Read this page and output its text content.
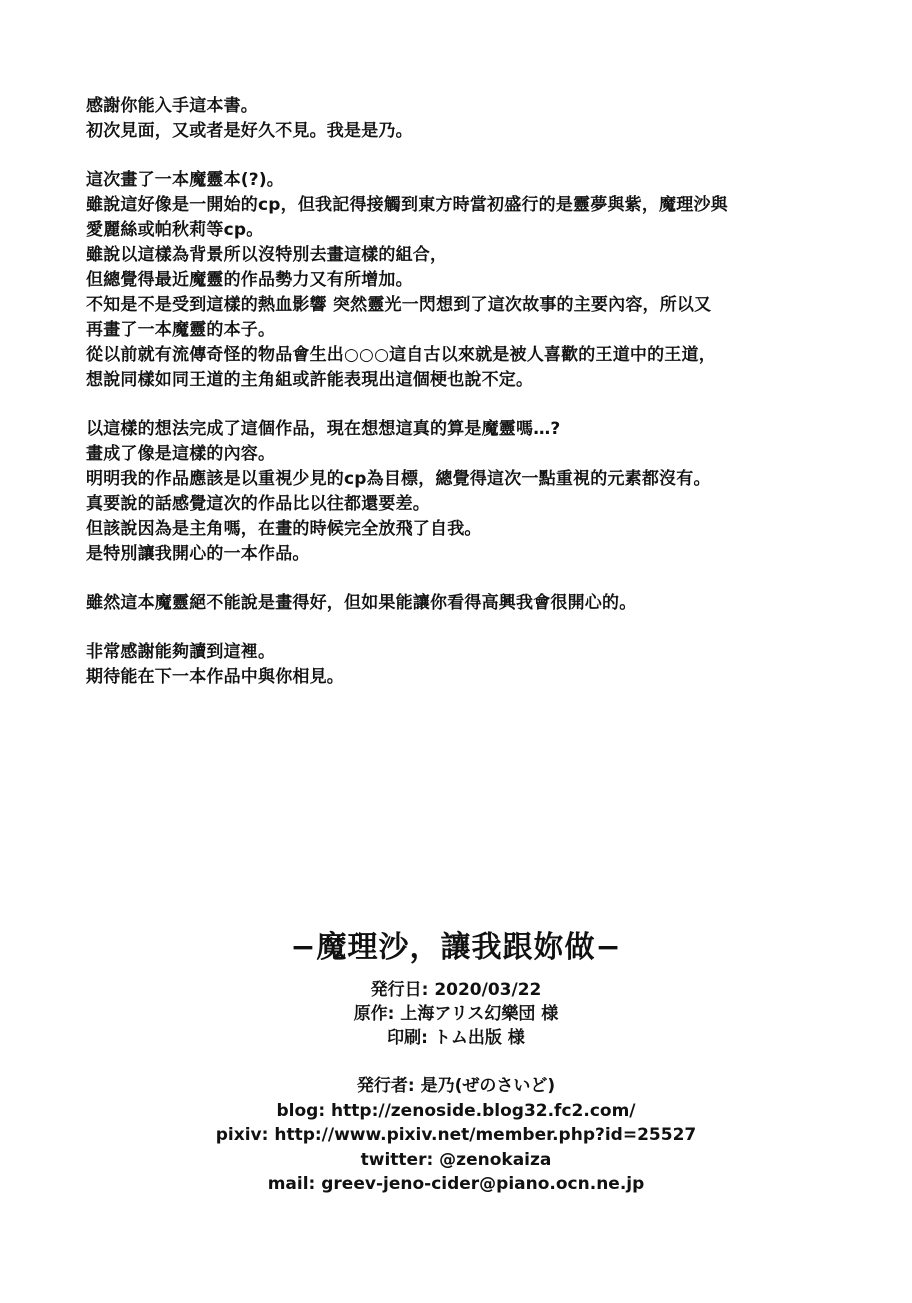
感謝你能入手這本書。
初次見面，又或者是好久不見。我是是乃。
這次畫了一本魔靈本(?)。
雖說這好像是一開始的cp，但我記得接觸到東方時當初盛行的是靈夢與紫，魔理沙與
愛麗絲或帕秋莉等cp。
雖說以這樣為背景所以沒特別去畫這樣的組合，
但總覺得最近魔靈的作品勢力又有所增加。
不知是不是受到這樣的熱血影響 突然靈光一閃想到了這次故事的主要內容，所以又
再畫了一本魔靈的本子。
從以前就有流傳奇怪的物品會生出○○○這自古以來就是被人喜歡的王道中的王道，
想說同樣如同王道的主角組或許能表現出這個梗也說不定。
以這樣的想法完成了這個作品，現在想想這真的算是魔靈嗎…?
畫成了像是這樣的內容。
明明我的作品應該是以重視少見的cp為目標，總覺得這次一點重視的元素都沒有。
真要說的話感覺這次的作品比以往都還要差。
但該說因為是主角嗎，在畫的時候完全放飛了自我。
是特別讓我開心的一本作品。
雖然這本魔靈絕不能說是畫得好，但如果能讓你看得高興我會很開心的。
非常感謝能夠讀到這裡。
期待能在下一本作品中與你相見。
−魔理沙，讓我跟妳做−
発行日: 2020/03/22
原作: 上海アリス幻樂団 様
印刷: トム出版 様
発行者: 是乃(ぜのさいど)
blog: http://zenoside.blog32.fc2.com/
pixiv: http://www.pixiv.net/member.php?id=25527
twitter: @zenokaiza
mail: greev-jeno-cider@piano.ocn.ne.jp
